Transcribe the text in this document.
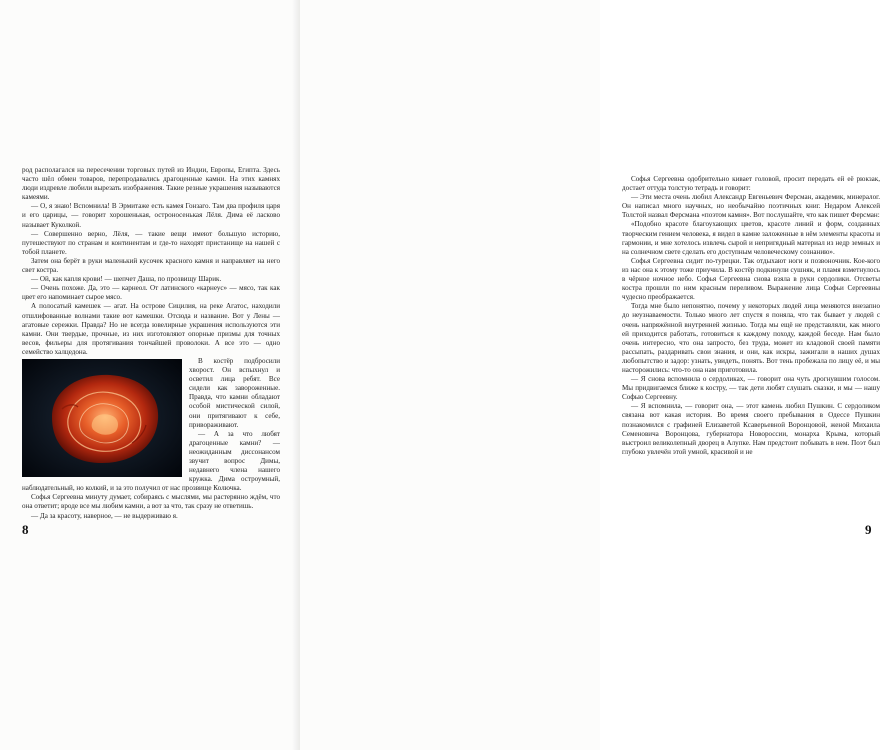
род располагался на пересечении торговых путей из Индии, Европы, Египта. Здесь часто шёл обмен товаров, перепродавались драгоценные камни. На этих камнях люди издревле любили вырезать изображения. Такие резные украшения называются камеями.

— О, я знаю! Вспомнила! В Эрмитаже есть камея Гонзаго. Там два профиля царя и его царицы, — говорит хорошенькая, остроносенькая Лёля. Дима её ласково называет Куколкой.

— Совершенно верно, Лёля, — такие вещи имеют большую историю, путешествуют по странам и континентам и где-то находят пристанище на нашей с тобой планете.

Затем она берёт в руки маленький кусочек красного камня и направляет на него свет костра.

— Ой, как капля крови! — шепчет Даша, по прозвищу Шарик.

— Очень похоже. Да, это — карнеол. От латинского «карнеус» — мясо, так как цвет его напоминает сырое мясо.

А полосатый камешек — агат. На острове Сицилия, на реке Агатос, находили отшлифованные волнами такие вот камешки. Отсюда и название. Вот у Лены — агатовые сережки. Правда? Но не всегда ювелирные украшения используются эти камни. Они твердые, прочные, из них изготовляют опорные призмы для точных весов, фильеры для протягивания тончайшей проволоки. А все это — одно семейство халцедона.

В костёр подбросили хворост. Он вспыхнул и осветил лица ребят. Все сидели как завороженные. Правда, что камни обладают особой мистической силой, они притягивают к себе, привораживают.

— А за что любят драгоценные камни? — неожиданным диссонансом звучит вопрос Димы, недавнего члена нашего кружка. Дима остроумный, наблюдательный, но колкий, и за это получил от нас прозвище Колючка.

Софья Сергеевна минуту думает, собираясь с мыслями, мы растерянно ждём, что она ответит; вроде все мы любим камни, а вот за что, так сразу не ответишь.

— Да за красоту, наверное, — не выдерживаю я.

8

Софья Сергеевна одобрительно кивает головой, просит передать ей её рюкзак, достает оттуда толстую тетрадь и говорит:

— Эти места очень любил Александр Евгеньевич Ферсман, академик, минералог. Он написал много научных, но необычайно поэтичных книг. Недаром Алексей Толстой назвал Ферсмана «поэтом камня». Вот послушайте, что как пишет Ферсман:

«Подобно красоте благоухающих цветов, красоте линий и форм, созданных творческим гением человека, я видел в камне заложенные в нём элементы красоты и гармонии, и мне хотелось извлечь сырой и непригядный материал из недр земных и на солнечном свете сделать его доступным человеческому сознанию».

Софья Сергеевна сидит по-турецки. Так отдыхают ноги и позвоночник. Кое-кого из нас она к этому тоже приучила. В костёр подкинули сушняк, и пламя взметнулось в чёрное ночное небо. Софья Сергеевна снова взяла в руки сердолики. Отсветы костра прошли по ним красным переливом. Выражение лица Софьи Сергеевны чудесно преображается.

Тогда мне было непонятно, почему у некоторых людей лица меняются внезапно до неузнаваемости. Только много лет спустя я поняла, что так бывает у людей с очень напряжённой внутренней жизнью. Тогда мы ещё не представляли, как много ей приходится работать, готовиться к каждому походу, каждой беседе. Нам было очень интересно, что она запросто, без труда, может из кладовой своей памяти рассыпать, раздаривать свои знания, и они, как искры, зажигали в наших душах любопытство и задор: узнать, увидеть, понять. Вот тень пробежала по лицу её, и мы насторожились: что-то она нам приготовила.

— Я снова вспомнила о сердоликах, — говорит она чуть дрогнувшим голосом. Мы придвигаемся ближе к костру, — так дети любят слушать сказки, и мы — нашу Софью Сергеевну.

— Я вспомнила, — говорит она, — этот камень любил Пушкин. С сердоликом связана вот какая история. Во время своего пребывания в Одессе Пушкин познакомился с графиней Елизаветой Ксаверьевной Воронцовой, женой Михаила Семеновича Воронцова, губернатора Новороссии, монарха Крыма, который выстроил великолепный дворец в Алупке. Нам предстоит побывать в нем. Поэт был глубоко увлечён этой умной, красивой и не

9
